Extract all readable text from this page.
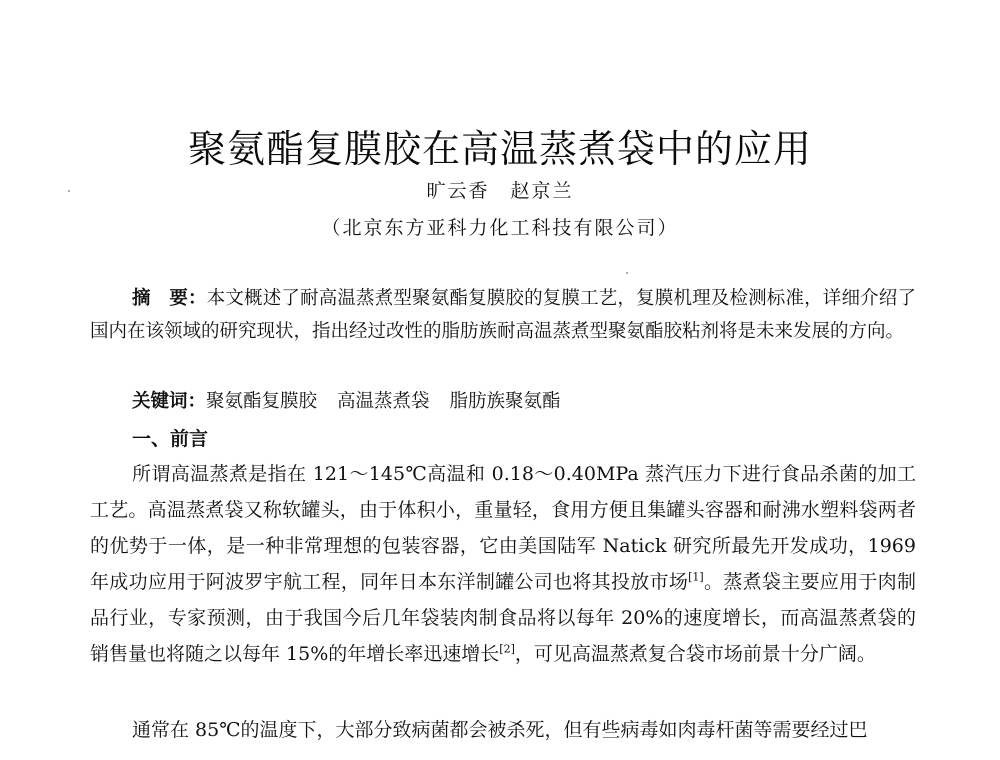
聚氨酯复膜胶在高温蒸煮袋中的应用
旷云香　赵京兰
（北京东方亚科力化工科技有限公司）
摘　要：本文概述了耐高温蒸煮型聚氨酯复膜胶的复膜工艺，复膜机理及检测标准，详细介绍了国内在该领域的研究现状，指出经过改性的脂肪族耐高温蒸煮型聚氨酯胶粘剂将是未来发展的方向。
关键词：聚氨酯复膜胶 高温蒸煮袋 脂肪族聚氨酯
一、前言
所谓高温蒸煮是指在 121～145℃高温和 0.18～0.40MPa 蒸汽压力下进行食品杀菌的加工工艺。高温蒸煮袋又称软罐头，由于体积小，重量轻，食用方便且集罐头容器和耐沸水塑料袋两者的优势于一体，是一种非常理想的包装容器，它由美国陆军 Natick 研究所最先开发成功，1969 年成功应用于阿波罗宇航工程，同年日本东洋制罐公司也将其投放市场[1]。蒸煮袋主要应用于肉制品行业，专家预测，由于我国今后几年袋装肉制食品将以每年 20%的速度增长，而高温蒸煮袋的销售量也将随之以每年 15%的年增长率迅速增长[2]，可见高温蒸煮复合袋市场前景十分广阔。
通常在 85℃的温度下，大部分致病菌都会被杀死，但有些病毒如肉毒杆菌等需要经过巴
